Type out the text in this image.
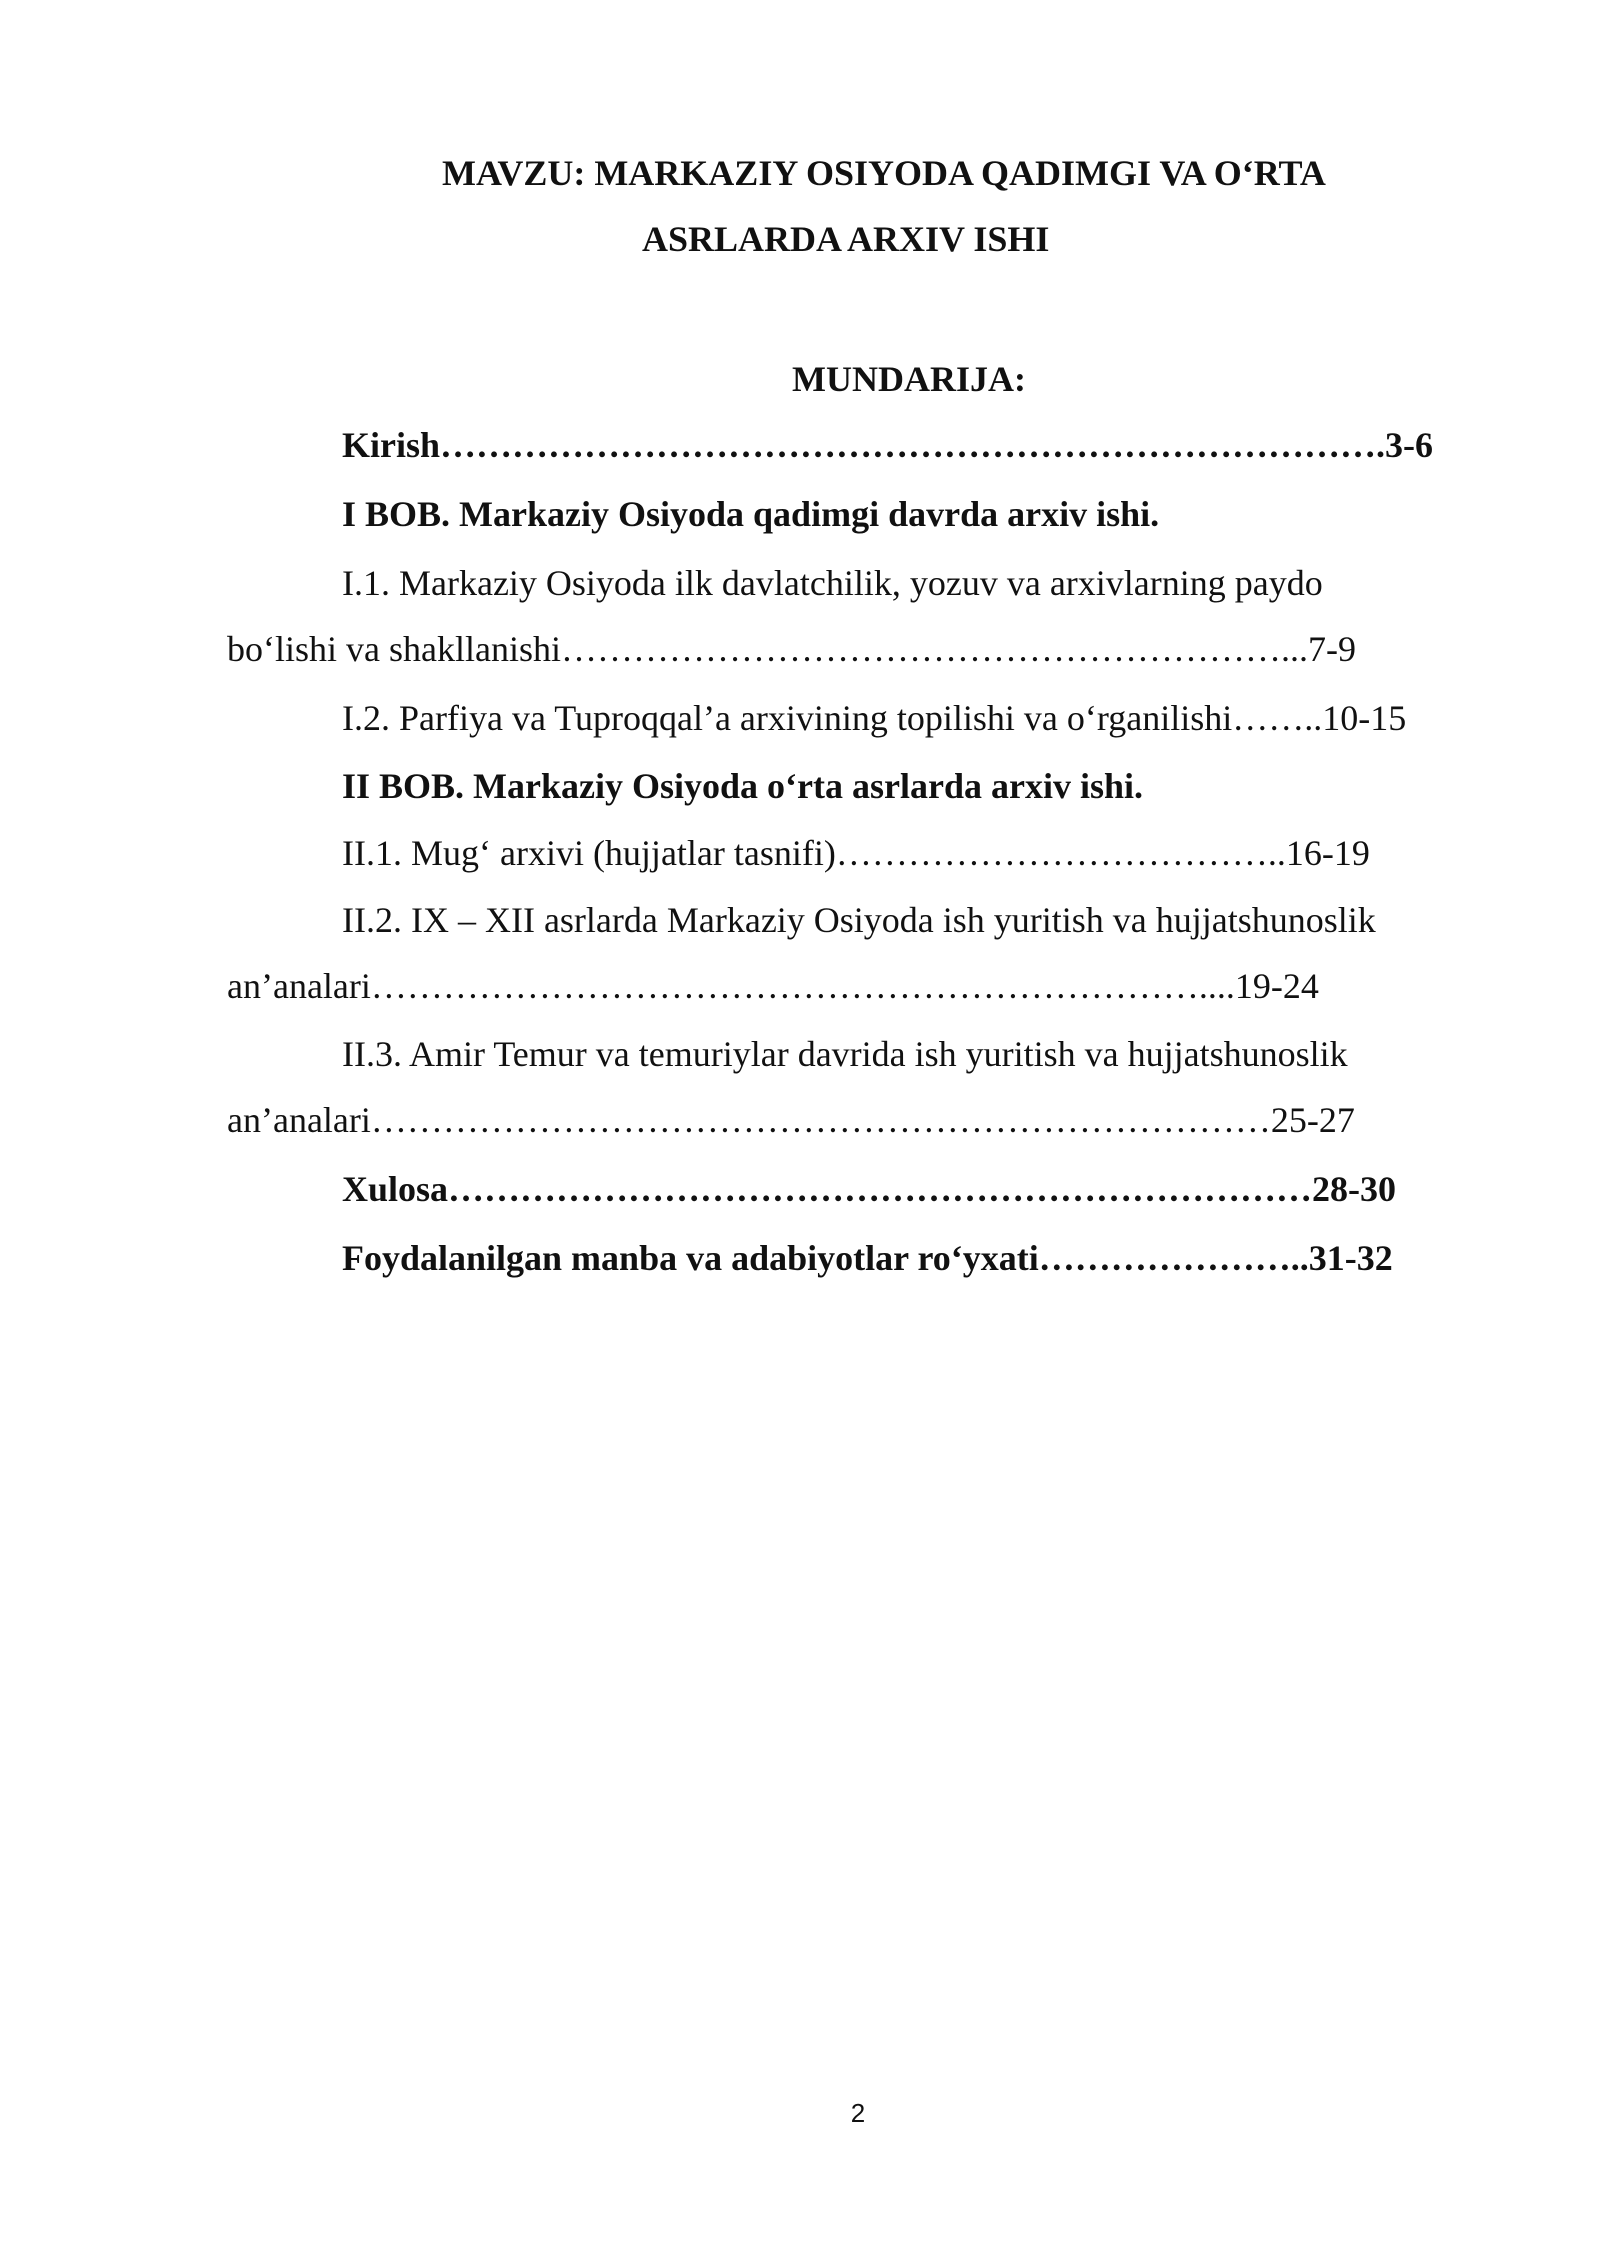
MAVZU: MARKAZIY OSIYODA QADIMGI VA O‘RTA
ASRLARDA ARXIV ISHI
MUNDARIJA:
Kirish…………………………………………………………………….3-6
I BOB. Markaziy Osiyoda qadimgi davrda arxiv ishi.
I.1. Markaziy Osiyoda ilk davlatchilik, yozuv va arxivlarning paydo
bo‘lishi va shakllanishi……………………………………………………...7-9
I.2. Parfiya va Tuproqqal’a arxivining topilishi va o‘rganilishi……..10-15
II BOB. Markaziy Osiyoda o‘rta asrlarda arxiv ishi.
II.1. Mug‘ arxivi (hujjatlar tasnifi)………………………………..16-19
II.2. IX – XII asrlarda Markaziy Osiyoda ish yuritish va hujjatshunoslik
an’analari……………………………………………………………....19-24
II.3. Amir Temur va temuriylar davrida ish yuritish va hujjatshunoslik
an’analari…………………………………………………………………25-27
Xulosa………………………………………………………………28-30
Foydalanilgan manba va adabiyotlar ro‘yxati…………………..31-32
2
